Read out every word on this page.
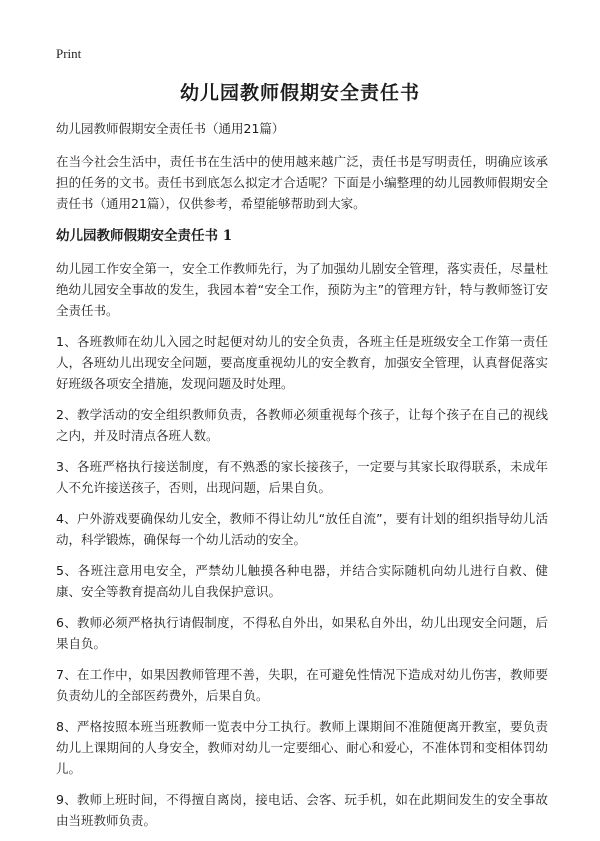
Print
幼儿园教师假期安全责任书

幼儿园教师假期安全责任书（通用21篇）

在当今社会生活中，责任书在生活中的使用越来越广泛，责任书是写明责任，明确应该承担的任务的文书。责任书到底怎么拟定才合适呢？下面是小编整理的幼儿园教师假期安全责任书（通用21篇），仅供参考，希望能够帮助到大家。

幼儿园教师假期安全责任书 1

幼儿园工作安全第一，安全工作教师先行，为了加强幼儿剧安全管理，落实责任，尽量杜绝幼儿园安全事故的发生，我园本着“安全工作，预防为主”的管理方针，特与教师签订安全责任书。

1、各班教师在幼儿入园之时起便对幼儿的安全负责，各班主任是班级安全工作第一责任人，各班幼儿出现安全问题，要高度重视幼儿的安全教育，加强安全管理，认真督促落实好班级各项安全措施，发现问题及时处理。

2、教学活动的安全组织教师负责，各教师必须重视每个孩子，让每个孩子在自己的视线之内，并及时清点各班人数。

3、各班严格执行接送制度，有不熟悉的家长接孩子，一定要与其家长取得联系，未成年人不允许接送孩子，否则，出现问题，后果自负。

4、户外游戏要确保幼儿安全，教师不得让幼儿“放任自流”，要有计划的组织指导幼儿活动，科学锻炼，确保每一个幼儿活动的安全。

5、各班注意用电安全，严禁幼儿触摸各种电器，并结合实际随机向幼儿进行自救、健康、安全等教育提高幼儿自我保护意识。

6、教师必须严格执行请假制度，不得私自外出，如果私自外出，幼儿出现安全问题，后果自负。

7、在工作中，如果因教师管理不善，失职，在可避免性情况下造成对幼儿伤害，教师要负责幼儿的全部医药费外，后果自负。

8、严格按照本班当班教师一览表中分工执行。教师上课期间不准随便离开教室，要负责幼儿上课期间的人身安全，教师对幼儿一定要细心、耐心和爱心，不准体罚和变相体罚幼儿。

9、教师上班时间，不得擅自离岗，接电话、会客、玩手机，如在此期间发生的安全事故由当班教师负责。
